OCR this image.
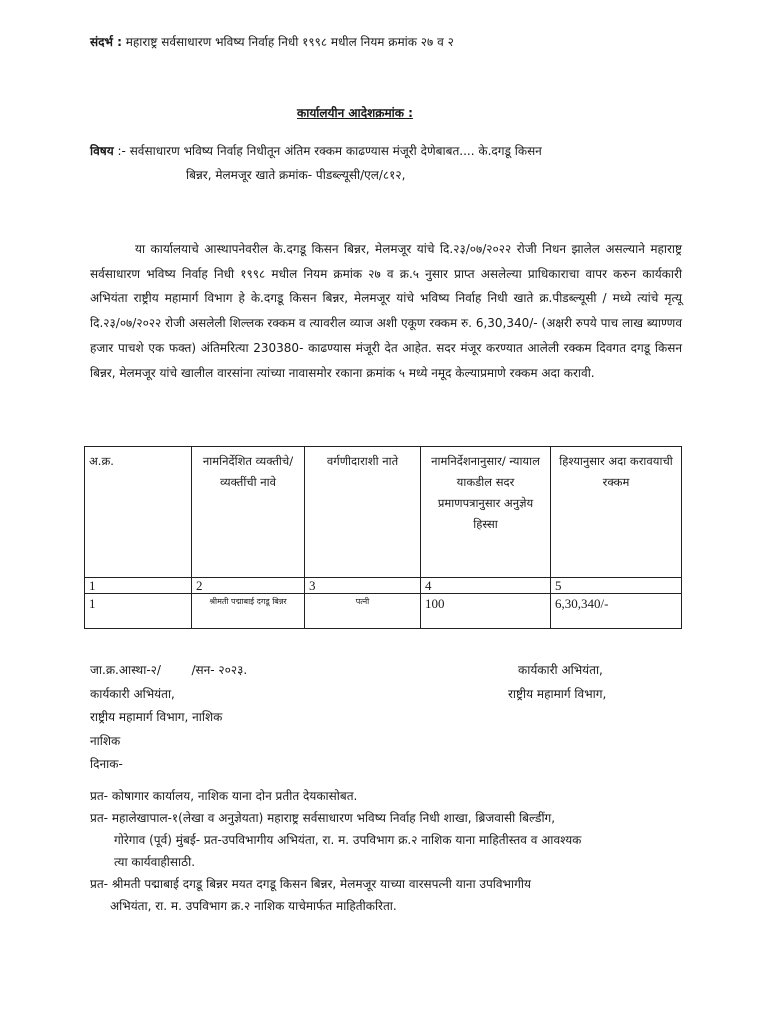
संदर्भ : महाराष्ट्र सर्वसाधारण भविष्य निर्वाह निधी १९९८ मधील नियम क्रमांक २७ व २
कार्यालयीन आदेशक्रमांक :
विषय :- सर्वसाधारण भविष्य निर्वाह निधीतून अंतिम रक्कम काढण्यास मंजूरी देणेबाबत.... के.दगडू किसन
बिन्नर, मेलमजूर खाते क्रमांक- पीडब्ल्यूसी/एल/८१२,
या कार्यालयाचे आस्थापनेवरील के.दगडू किसन बिन्नर, मेलमजूर यांचे दि.२३/०७/२०२२ रोजी निधन झालेल असल्याने महाराष्ट्र सर्वसाधारण भविष्य निर्वाह निधी १९९८ मधील नियम क्रमांक २७ व क्र.५ नुसार प्राप्त असलेल्या प्राधिकाराचा वापर करुन कार्यकारी अभियंता राष्ट्रीय महामार्ग विभाग हे के.दगडू किसन बिन्नर, मेलमजूर यांचे भविष्य निर्वाह निधी खाते क्र.पीडब्ल्यूसी / मध्ये त्यांचे मृत्यू दि.२३/०७/२०२२ रोजी असलेली शिल्लक रक्कम व त्यावरील व्याज अशी एकूण रक्कम रु. 6,30,340/- (अक्षरी रुपये पाच लाख ब्याण्णव हजार पाचशे एक फक्त) अंतिमरित्या 230380- काढण्यास मंजूरी देत आहेत. सदर मंजूर करण्यात आलेली रक्कम दिवगत दगडू किसन बिन्नर, मेलमजूर यांचे खालील वारसांना त्यांच्या नावासमोर रकाना क्रमांक ५ मध्ये नमूद केल्याप्रमाणे रक्कम अदा करावी.
अ.क्र.	नामनिर्देशित व्यक्तीचे/ व्यक्तींची नावे	वर्गणीदाराशी नाते	नामनिर्देशनानुसार/ न्यायाल याकडील सदर प्रमाणपत्रानुसार अनुज्ञेय हिस्सा	हिश्यानुसार अदा करावयाची रक्कम
1	2	3	4	5
1	श्रीमती पद्माबाई दगडू बिन्नर	पत्नी	100	6,30,340/-
जा.क्र.आस्था-२/        /सन- २०२३.
कार्यकारी अभियंता,
राष्ट्रीय महामार्ग विभाग, नाशिक
नाशिक
दिनाक-
कार्यकारी अभियंता,
राष्ट्रीय महामार्ग विभाग,
प्रत- कोषागार कार्यालय, नाशिक याना दोन प्रतीत देयकासोबत.
प्रत- महालेखापाल-१(लेखा व अनुज्ञेयता) महाराष्ट्र सर्वसाधारण भविष्य निर्वाह निधी शाखा, ब्रिजवासी बिल्डींग,
गोरेगाव (पूर्व) मुंबई- प्रत-उपविभागीय अभियंता, रा. म. उपविभाग क्र.२ नाशिक याना माहितीस्तव व आवश्यक
त्या कार्यवाहीसाठी.
प्रत- श्रीमती पद्माबाई दगडू बिन्नर मयत दगडू किसन बिन्नर, मेलमजूर याच्या वारसपत्नी याना उपविभागीय
अभियंता, रा. म. उपविभाग क्र.२ नाशिक याचेमार्फत माहितीकरिता.
